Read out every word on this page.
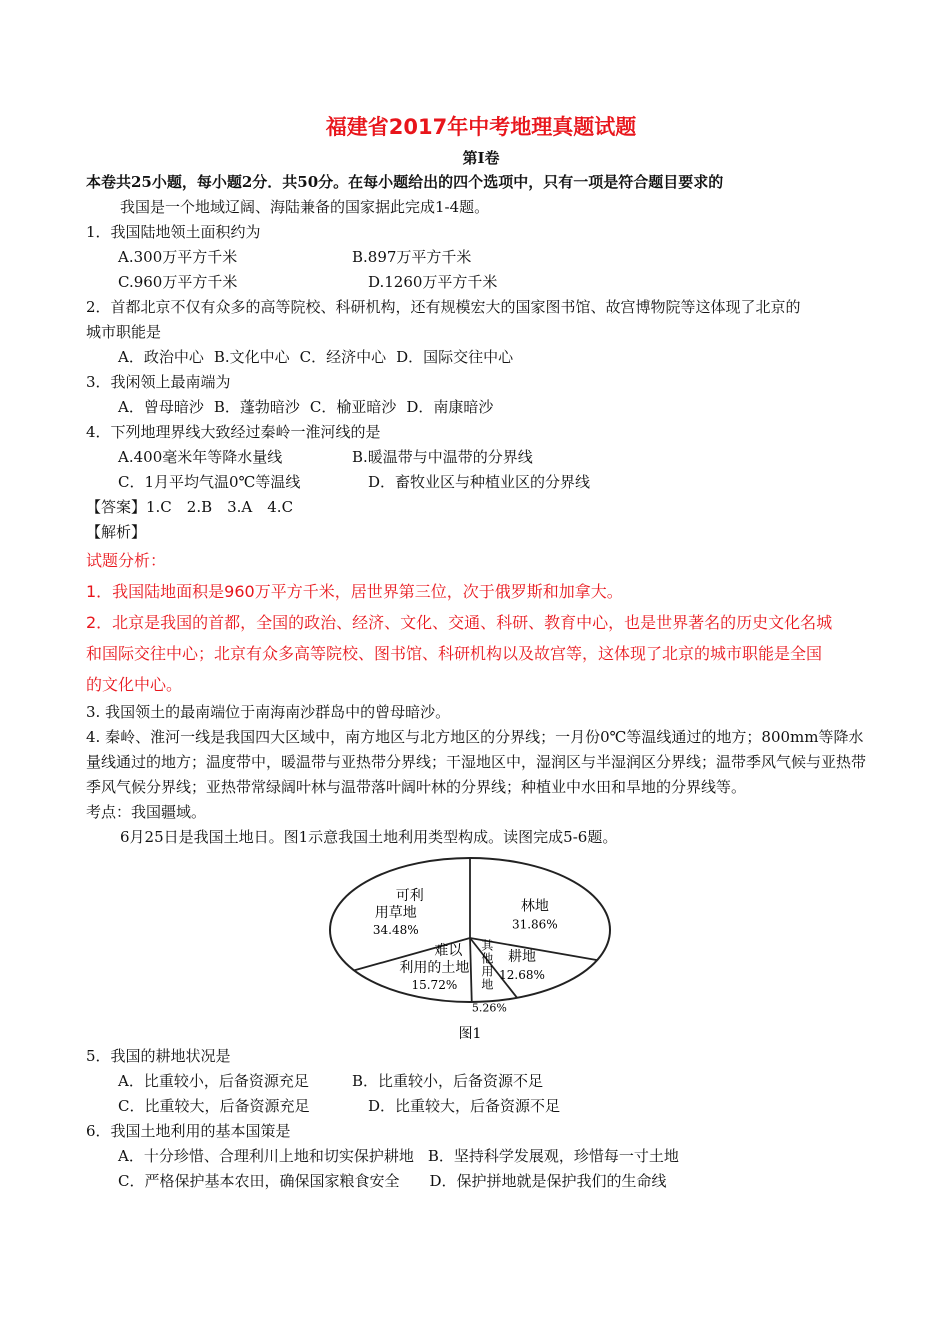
福建省2017年中考地理真题试题
第Ⅰ卷
本卷共25小题，每小题2分．共50分。在每小题给出的四个选项中，只有一项是符合题目要求的
我国是一个地域辽阔、海陆兼备的国家据此完成1-4题。
1．我国陆地领土面积约为
A.300万平方千米	B.897万平方千米
C.960万平方千米	D.1260万平方千米
2．首都北京不仅有众多的高等院校、科研机构，还有规模宏大的国家图书馆、故宫博物院等这体现了北京的
城市职能是
A．政治中心 B.文化中心 C．经济中心 D．国际交往中心
3．我闲领上最南端为
A．曾母暗沙 B．蓬勃暗沙 C．榆亚暗沙 D．南康暗沙
4．下列地理界线大致经过秦岭一淮河线的是
A.400毫米年等降水量线	B.暖温带与中温带的分界线
C．1月平均气温0℃等温线	D．畜牧业区与种植业区的分界线
【答案】1.C　2.B　3.A　4.C
【解析】
试题分析：
1．我国陆地面积是960万平方千米，居世界第三位，次于俄罗斯和加拿大。
2．北京是我国的首都，全国的政治、经济、文化、交通、科研、教育中心，也是世界著名的历史文化名城
和国际交往中心；北京有众多高等院校、图书馆、科研机构以及故宫等，这体现了北京的城市职能是全国
的文化中心。
3. 我国领土的最南端位于南海南沙群岛中的曾母暗沙。
4. 秦岭、淮河一线是我国四大区域中，南方地区与北方地区的分界线；一月份0℃等温线通过的地方；800mm等降水量线通过的地方；温度带中，暖温带与亚热带分界线；干湿地区中，湿润区与半湿润区分界线；温带季风气候与亚热带季风气候分界线；亚热带常绿阔叶林与温带落叶阔叶林的分界线；种植业中水田和旱地的分界线等。
考点：我国疆域。
6月25日是我国土地日。图1示意我国土地利用类型构成。读图完成5-6题。
林地
31.86%
耕地
12.68%
其
他
用
地
5.26%
难以
利用的土地
15.72%
可利
用草地
34.48%
图1
5．我国的耕地状况是
A．比重较小，后备资源充足	B．比重较小，后备资源不足
C．比重较大，后备资源充足	D．比重较大，后备资源不足
6．我国土地利用的基本国策是
A．十分珍惜、合理利川上地和切实保护耕地 B．坚持科学发展观，珍惜每一寸土地
C．严格保护基本农田，确保国家粮食安全 D．保护拼地就是保护我们的生命线
